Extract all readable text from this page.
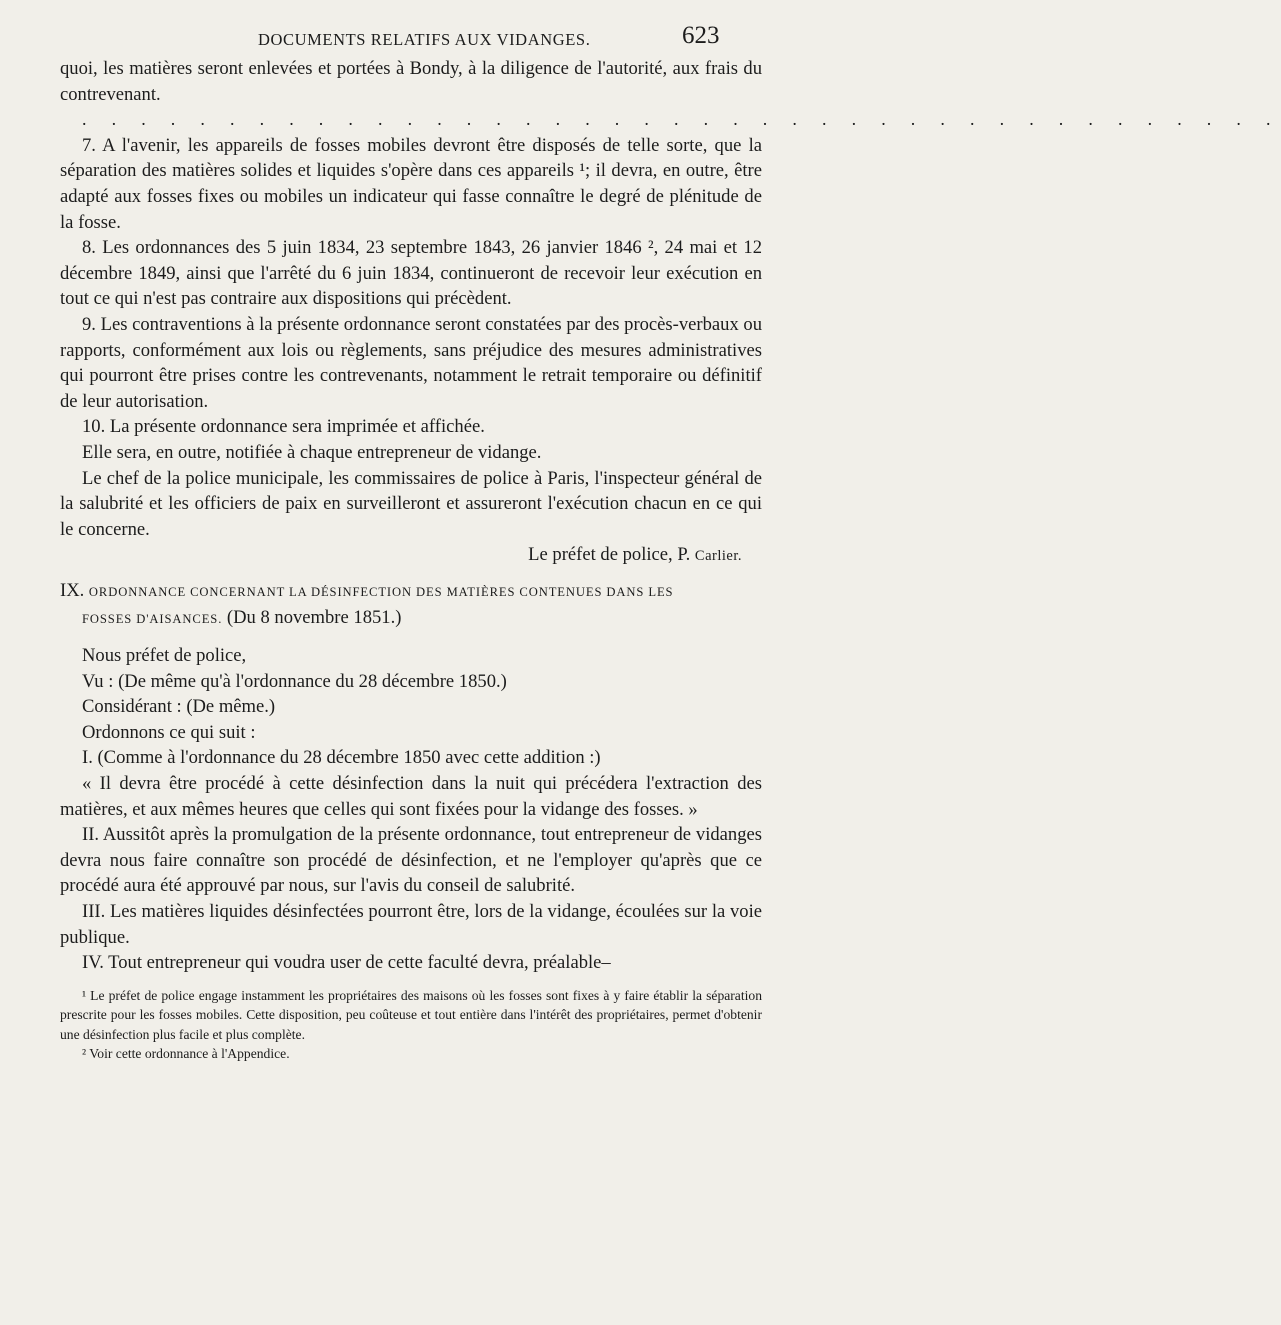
DOCUMENTS RELATIFS AUX VIDANGES.	623

quoi, les matières seront enlevées et portées à Bondy, à la diligence de l'autorité, aux frais du contrevenant.

. . . . . . . . . . . . . . . . . . . . . . . . . . . . . . . . . . . . . . . . .

7. A l'avenir, les appareils de fosses mobiles devront être disposés de telle sorte, que la séparation des matières solides et liquides s'opère dans ces appareils ¹; il devra, en outre, être adapté aux fosses fixes ou mobiles un indicateur qui fasse connaître le degré de plénitude de la fosse.

8. Les ordonnances des 5 juin 1834, 23 septembre 1843, 26 janvier 1846 ², 24 mai et 12 décembre 1849, ainsi que l'arrêté du 6 juin 1834, continueront de recevoir leur exécution en tout ce qui n'est pas contraire aux dispositions qui précèdent.

9. Les contraventions à la présente ordonnance seront constatées par des procès-verbaux ou rapports, conformément aux lois ou règlements, sans préjudice des mesures administratives qui pourront être prises contre les contrevenants, notamment le retrait temporaire ou définitif de leur autorisation.

10. La présente ordonnance sera imprimée et affichée.

Elle sera, en outre, notifiée à chaque entrepreneur de vidange.

Le chef de la police municipale, les commissaires de police à Paris, l'inspecteur général de la salubrité et les officiers de paix en surveilleront et assureront l'exécution chacun en ce qui le concerne.

Le préfet de police, P. Carlier.

IX. ORDONNANCE CONCERNANT LA DÉSINFECTION DES MATIÈRES CONTENUES DANS LES
FOSSES D'AISANCES. (Du 8 novembre 1851.)

Nous préfet de police,

Vu : (De même qu'à l'ordonnance du 28 décembre 1850.)

Considérant : (De même.)

Ordonnons ce qui suit :

I. (Comme à l'ordonnance du 28 décembre 1850 avec cette addition :)

« Il devra être procédé à cette désinfection dans la nuit qui précédera l'extraction des matières, et aux mêmes heures que celles qui sont fixées pour la vidange des fosses. »

II. Aussitôt après la promulgation de la présente ordonnance, tout entrepreneur de vidanges devra nous faire connaître son procédé de désinfection, et ne l'employer qu'après que ce procédé aura été approuvé par nous, sur l'avis du conseil de salubrité.

III. Les matières liquides désinfectées pourront être, lors de la vidange, écoulées sur la voie publique.

IV. Tout entrepreneur qui voudra user de cette faculté devra, préalable–

¹ Le préfet de police engage instamment les propriétaires des maisons où les fosses sont fixes à y faire établir la séparation prescrite pour les fosses mobiles. Cette disposition, peu coûteuse et tout entière dans l'intérêt des propriétaires, permet d'obtenir une désinfection plus facile et plus complète.

² Voir cette ordonnance à l'Appendice.
